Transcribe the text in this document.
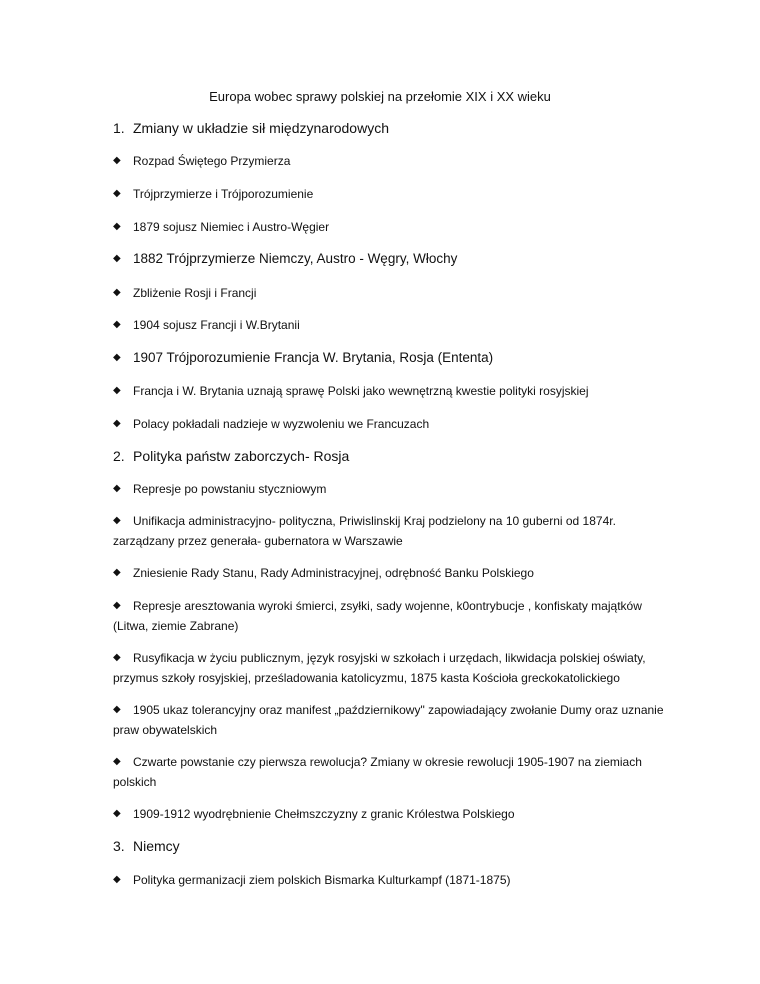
Europa wobec sprawy polskiej na przełomie XIX i XX wieku
1. Zmiany w układzie sił międzynarodowych
◆ Rozpad Świętego Przymierza
◆ Trójprzymierze i Trójporozumienie
◆ 1879 sojusz Niemiec i Austro-Węgier
◆ 1882 Trójprzymierze Niemczy, Austro - Węgry, Włochy
◆ Zbliżenie Rosji i Francji
◆ 1904 sojusz Francji i W.Brytanii
◆ 1907 Trójporozumienie Francja W. Brytania, Rosja (Ententa)
◆ Francja i W. Brytania uznają sprawę Polski jako wewnętrzną kwestie polityki rosyjskiej
◆ Polacy pokładali nadzieje w wyzwoleniu we Francuzach
2. Polityka państw zaborczych- Rosja
◆ Represje po powstaniu styczniowym
◆ Unifikacja administracyjno- polityczna, Priwislinskij Kraj podzielony na 10 guberni od 1874r. zarządzany przez generała- gubernatora w Warszawie
◆ Zniesienie Rady Stanu, Rady Administracyjnej, odrębność Banku Polskiego
◆ Represje aresztowania wyroki śmierci, zsyłki, sady wojenne, k0ontrybucje , konfiskaty majątków (Litwa, ziemie Zabrane)
◆ Rusyfikacja w życiu publicznym, język rosyjski w szkołach i urzędach, likwidacja polskiej oświaty, przymus szkoły rosyjskiej, prześladowania katolicyzmu, 1875 kasta Kościoła greckokatolickiego
◆ 1905 ukaz tolerancyjny oraz manifest „październikowy" zapowiadający zwołanie Dumy oraz uznanie praw obywatelskich
◆ Czwarte powstanie czy pierwsza rewolucja? Zmiany w okresie rewolucji 1905-1907 na ziemiach polskich
◆ 1909-1912 wyodrębnienie Chełmszczyzny z granic Królestwa Polskiego
3. Niemcy
◆ Polityka germanizacji ziem polskich Bismarka Kulturkampf (1871-1875)
